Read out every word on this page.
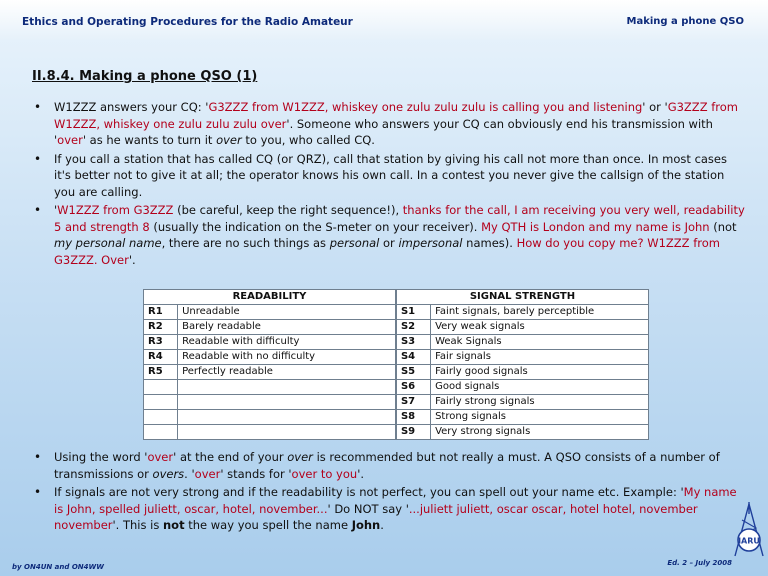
Ethics and Operating Procedures for the Radio Amateur	Making a phone QSO
II.8.4. Making a phone QSO (1)
• W1ZZZ answers your CQ: 'G3ZZZ from W1ZZZ, whiskey one zulu zulu zulu is calling you and listening' or 'G3ZZZ from W1ZZZ, whiskey one zulu zulu zulu over'. Someone who answers your CQ can obviously end his transmission with 'over' as he wants to turn it over to you, who called CQ.
• If you call a station that has called CQ (or QRZ), call that station by giving his call not more than once. In most cases it's better not to give it at all; the operator knows his own call. In a contest you never give the callsign of the station you are calling.
• 'W1ZZZ from G3ZZZ (be careful, keep the right sequence!), thanks for the call, I am receiving you very well, readability 5 and strength 8 (usually the indication on the S-meter on your receiver). My QTH is London and my name is John (not my personal name, there are no such things as personal or impersonal names). How do you copy me? W1ZZZ from G3ZZZ. Over'.
READABILITY		SIGNAL STRENGTH	
R1	Unreadable	S1	Faint signals, barely perceptible
R2	Barely readable	S2	Very weak signals
R3	Readable with difficulty	S3	Weak Signals
R4	Readable with no difficulty	S4	Fair signals
R5	Perfectly readable	S5	Fairly good signals
		S6	Good signals
		S7	Fairly strong signals
		S8	Strong signals
		S9	Very strong signals
• Using the word 'over' at the end of your over is recommended but not really a must. A QSO consists of a number of transmissions or overs. 'over' stands for 'over to you'.
• If signals are not very strong and if the readability is not perfect, you can spell out your name etc. Example: 'My name is John, spelled juliett, oscar, hotel, november...' Do NOT say '...juliett juliett, oscar oscar, hotel hotel, november november'. This is not the way you spell the name John.
by ON4UN and ON4WW	Ed. 2 – July 2008
IARU
